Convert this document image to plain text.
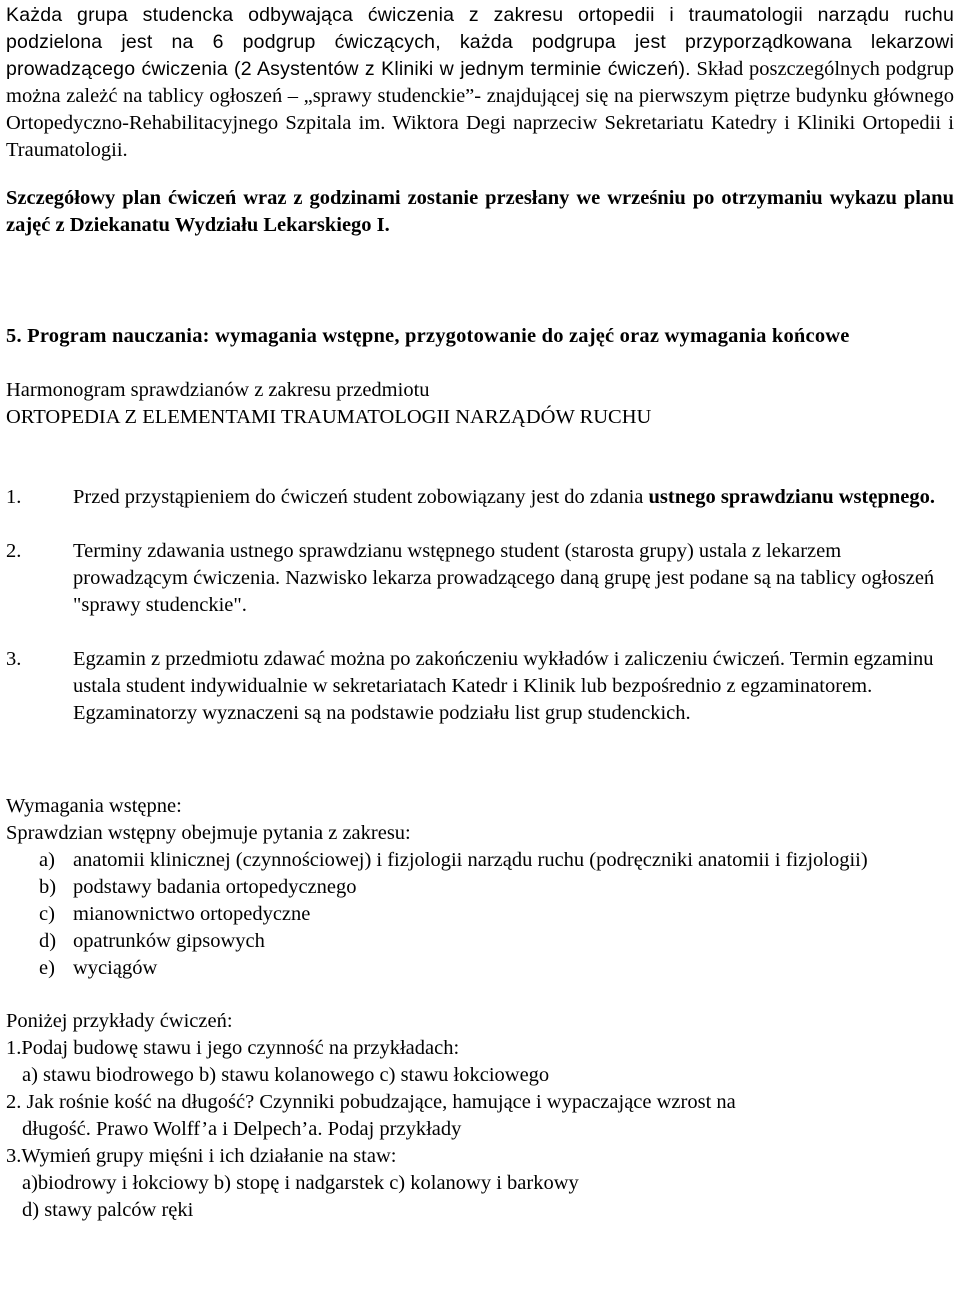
Każda grupa studencka odbywająca ćwiczenia z zakresu ortopedii i traumatologii narządu ruchu podzielona jest na 6 podgrup ćwiczących, każda podgrupa jest przyporządkowana lekarzowi prowadzącego ćwiczenia (2 Asystentów z Kliniki w jednym terminie ćwiczeń). Skład poszczególnych podgrup można zależć na tablicy ogłoszeń – „sprawy studenckie”- znajdującej się na pierwszym piętrze budynku głównego Ortopedyczno-Rehabilitacyjnego Szpitala im. Wiktora Degi naprzeciw Sekretariatu Katedry i Kliniki Ortopedii i Traumatologii.

Szczegółowy plan ćwiczeń wraz z godzinami zostanie przesłany we wrześniu po otrzymaniu wykazu planu zajęć z Dziekanatu Wydziału Lekarskiego I.

5. Program nauczania: wymagania wstępne, przygotowanie do zajęć oraz wymagania końcowe

Harmonogram sprawdzianów z zakresu przedmiotu

ORTOPEDIA Z ELEMENTAMI TRAUMATOLOGII NARZĄDÓW RUCHU

1.	Przed przystąpieniem do ćwiczeń student zobowiązany jest do zdania ustnego sprawdzianu wstępnego.
2.	Terminy zdawania ustnego sprawdzianu wstępnego student (starosta grupy) ustala z lekarzem prowadzącym ćwiczenia. Nazwisko lekarza prowadzącego daną grupę jest podane są na tablicy ogłoszeń "sprawy studenckie".
3.	Egzamin z przedmiotu zdawać można po zakończeniu wykładów i zaliczeniu ćwiczeń. Termin egzaminu ustala student indywidualnie w sekretariatach Katedr i Klinik lub bezpośrednio z egzaminatorem.
Egzaminatorzy wyznaczeni są na podstawie podziału list grup studenckich.

Wymagania wstępne:

Sprawdzian wstępny obejmuje pytania z zakresu:

a) anatomii klinicznej (czynnościowej) i fizjologii narządu ruchu (podręczniki anatomii i fizjologii)
b) podstawy badania ortopedycznego
c) mianownictwo ortopedyczne
d) opatrunków gipsowych
e) wyciągów

Poniżej przykłady ćwiczeń:

1.Podaj budowę stawu i jego czynność na przykładach:

a) stawu biodrowego b) stawu kolanowego c) stawu łokciowego

2. Jak rośnie kość na długość? Czynniki pobudzające, hamujące i wypaczające wzrost na

długość. Prawo Wolff’a i Delpech’a. Podaj przykłady

3.Wymień grupy mięśni i ich działanie na staw:

a)biodrowy i łokciowy b) stopę i nadgarstek c) kolanowy i barkowy

d) stawy palców ręki
